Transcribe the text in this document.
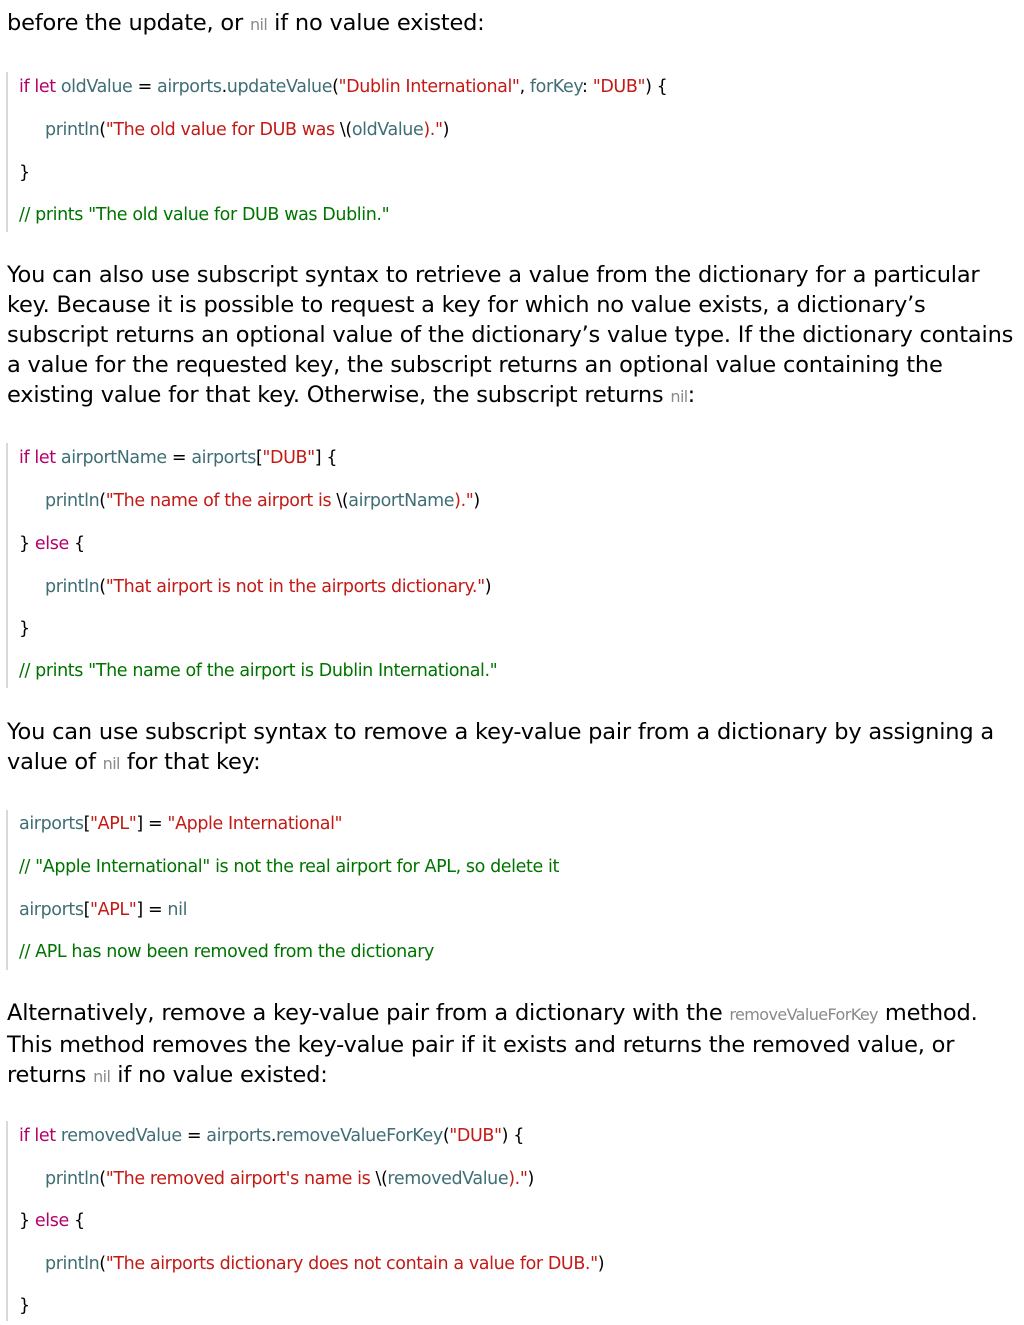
before the update, or nil if no value existed:

if let oldValue = airports.updateValue("Dublin International", forKey: "DUB") {
println("The old value for DUB was \(oldValue).")
}
// prints "The old value for DUB was Dublin."

You can also use subscript syntax to retrieve a value from the dictionary for a particular
key. Because it is possible to request a key for which no value exists, a dictionary’s
subscript returns an optional value of the dictionary’s value type. If the dictionary contains
a value for the requested key, the subscript returns an optional value containing the
existing value for that key. Otherwise, the subscript returns nil:

if let airportName = airports["DUB"] {
println("The name of the airport is \(airportName).")
} else {
println("That airport is not in the airports dictionary.")
}
// prints "The name of the airport is Dublin International."

You can use subscript syntax to remove a key-value pair from a dictionary by assigning a
value of nil for that key:

airports["APL"] = "Apple International"
// "Apple International" is not the real airport for APL, so delete it
airports["APL"] = nil
// APL has now been removed from the dictionary

Alternatively, remove a key-value pair from a dictionary with the removeValueForKey method.
This method removes the key-value pair if it exists and returns the removed value, or
returns nil if no value existed:

if let removedValue = airports.removeValueForKey("DUB") {
println("The removed airport's name is \(removedValue).")
} else {
println("The airports dictionary does not contain a value for DUB.")
}
